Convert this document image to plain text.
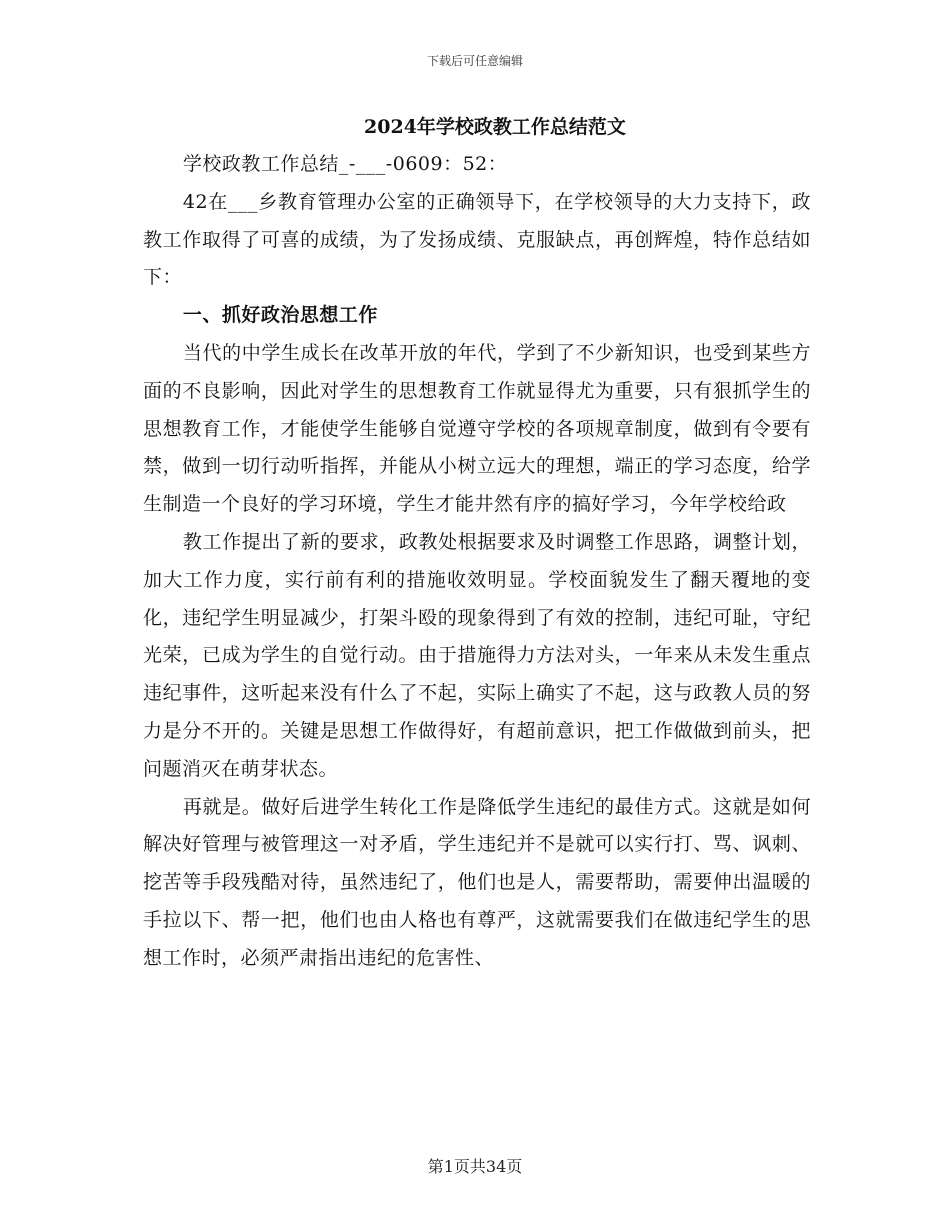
下载后可任意编辑
2024年学校政教工作总结范文

学校政教工作总结_-___-0609：52：

42在___乡教育管理办公室的正确领导下，在学校领导的大力支持下，政教工作取得了可喜的成绩，为了发扬成绩、克服缺点，再创辉煌，特作总结如下：

一、抓好政治思想工作

当代的中学生成长在改革开放的年代，学到了不少新知识，也受到某些方面的不良影响，因此对学生的思想教育工作就显得尤为重要，只有狠抓学生的思想教育工作，才能使学生能够自觉遵守学校的各项规章制度，做到有令要有禁，做到一切行动听指挥，并能从小树立远大的理想，端正的学习态度，给学生制造一个良好的学习环境，学生才能井然有序的搞好学习，今年学校给政

教工作提出了新的要求，政教处根据要求及时调整工作思路，调整计划，加大工作力度，实行前有利的措施收效明显。学校面貌发生了翻天覆地的变化，违纪学生明显减少，打架斗殴的现象得到了有效的控制，违纪可耻，守纪光荣，已成为学生的自觉行动。由于措施得力方法对头，一年来从未发生重点违纪事件，这听起来没有什么了不起，实际上确实了不起，这与政教人员的努力是分不开的。关键是思想工作做得好，有超前意识，把工作做做到前头，把问题消灭在萌芽状态。

再就是。做好后进学生转化工作是降低学生违纪的最佳方式。这就是如何解决好管理与被管理这一对矛盾，学生违纪并不是就可以实行打、骂、讽刺、挖苦等手段残酷对待，虽然违纪了，他们也是人，需要帮助，需要伸出温暖的手拉以下、帮一把，他们也由人格也有尊严，这就需要我们在做违纪学生的思想工作时，必须严肃指出违纪的危害性、

第1页共34页
